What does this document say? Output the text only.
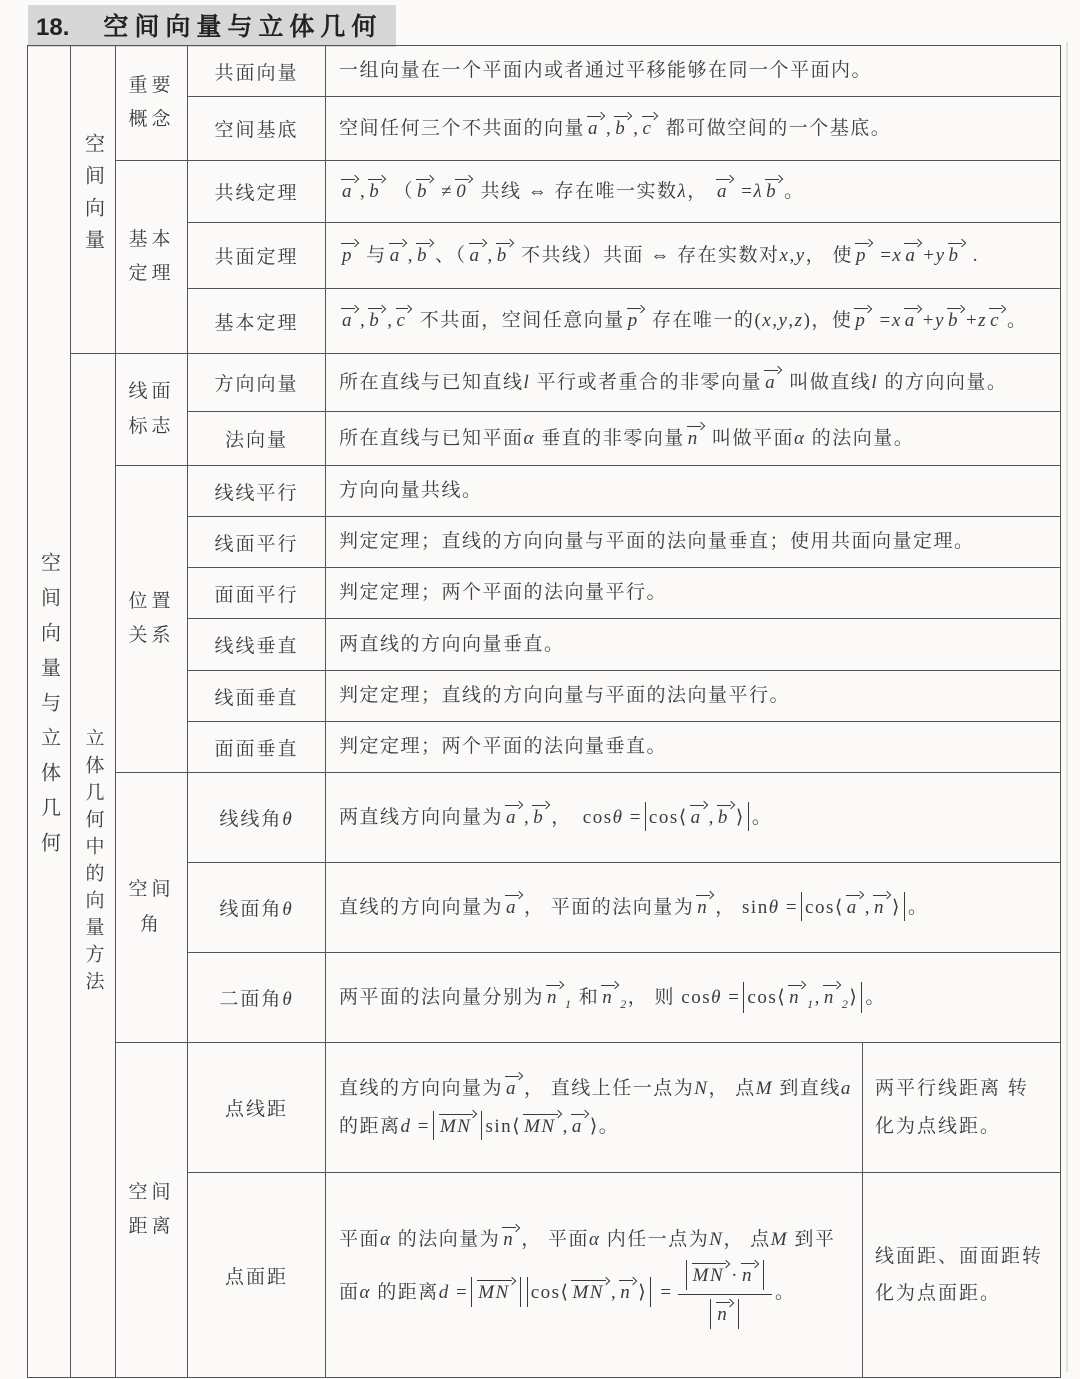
18. 空间向量与立体几何
空间向量与立体几何	空间向量	重要概念	共面向量	一组向量在一个平面内或者通过平移能够在同一个平面内。	
			空间基底	空间任何三个不共面的向量 a , b , c 都可做空间的一个基底。	
		基本定理	共线定理	a , b （ b ≠ 0 共线 ⇔ 存在唯一实数λ， a =λ b 。	
			共面定理	p 与 a , b 、（ a , b 不共线）共面 ⇔ 存在实数对x,y， 使 p =x a +y b .	
			基本定理	a , b , c 不共面，空间任意向量 p 存在唯一的(x,y,z)，使 p =x a +y b +z c 。	
	立体几何中的向量方法	线面标志	方向向量	所在直线与已知直线l 平行或者重合的非零向量 a 叫做直线l 的方向向量。	
			法向量	所在直线与已知平面α 垂直的非零向量 n 叫做平面α 的法向量。	
		位置关系	线线平行	方向向量共线。	
			线面平行	判定定理；直线的方向向量与平面的法向量垂直；使用共面向量定理。	
			面面平行	判定定理；两个平面的法向量平行。	
			线线垂直	两直线的方向向量垂直。	
			线面垂直	判定定理；直线的方向向量与平面的法向量平行。	
			面面垂直	判定定理；两个平面的法向量垂直。	
		空间角	线线角θ	两直线方向向量为 a , b ，　cosθ = cos⟨ a , b ⟩ 。	
			线面角θ	直线的方向向量为 a ， 平面的法向量为 n ， sinθ = cos⟨ a , n ⟩ 。	
			二面角θ	两平面的法向量分别为 n $_1$ 和 n $_2$， 则 cosθ = cos⟨ n $_1$, n $_2$⟩ 。	
		空间距离	点线距	直线的方向向量为 a ， 直线上任一点为N， 点M 到直线a 的距离d = MN sin⟨ MN , a ⟩。	两平行线距离 转化为点线距。
			点面距	平面α 的法向量为 n ， 平面α 内任一点为N， 点M 到平面α 的距离d = MN cos⟨ MN , n ⟩ = $\frac{MN \cdot n}{n}$ 。	线面距、面面距转化为点面距。
